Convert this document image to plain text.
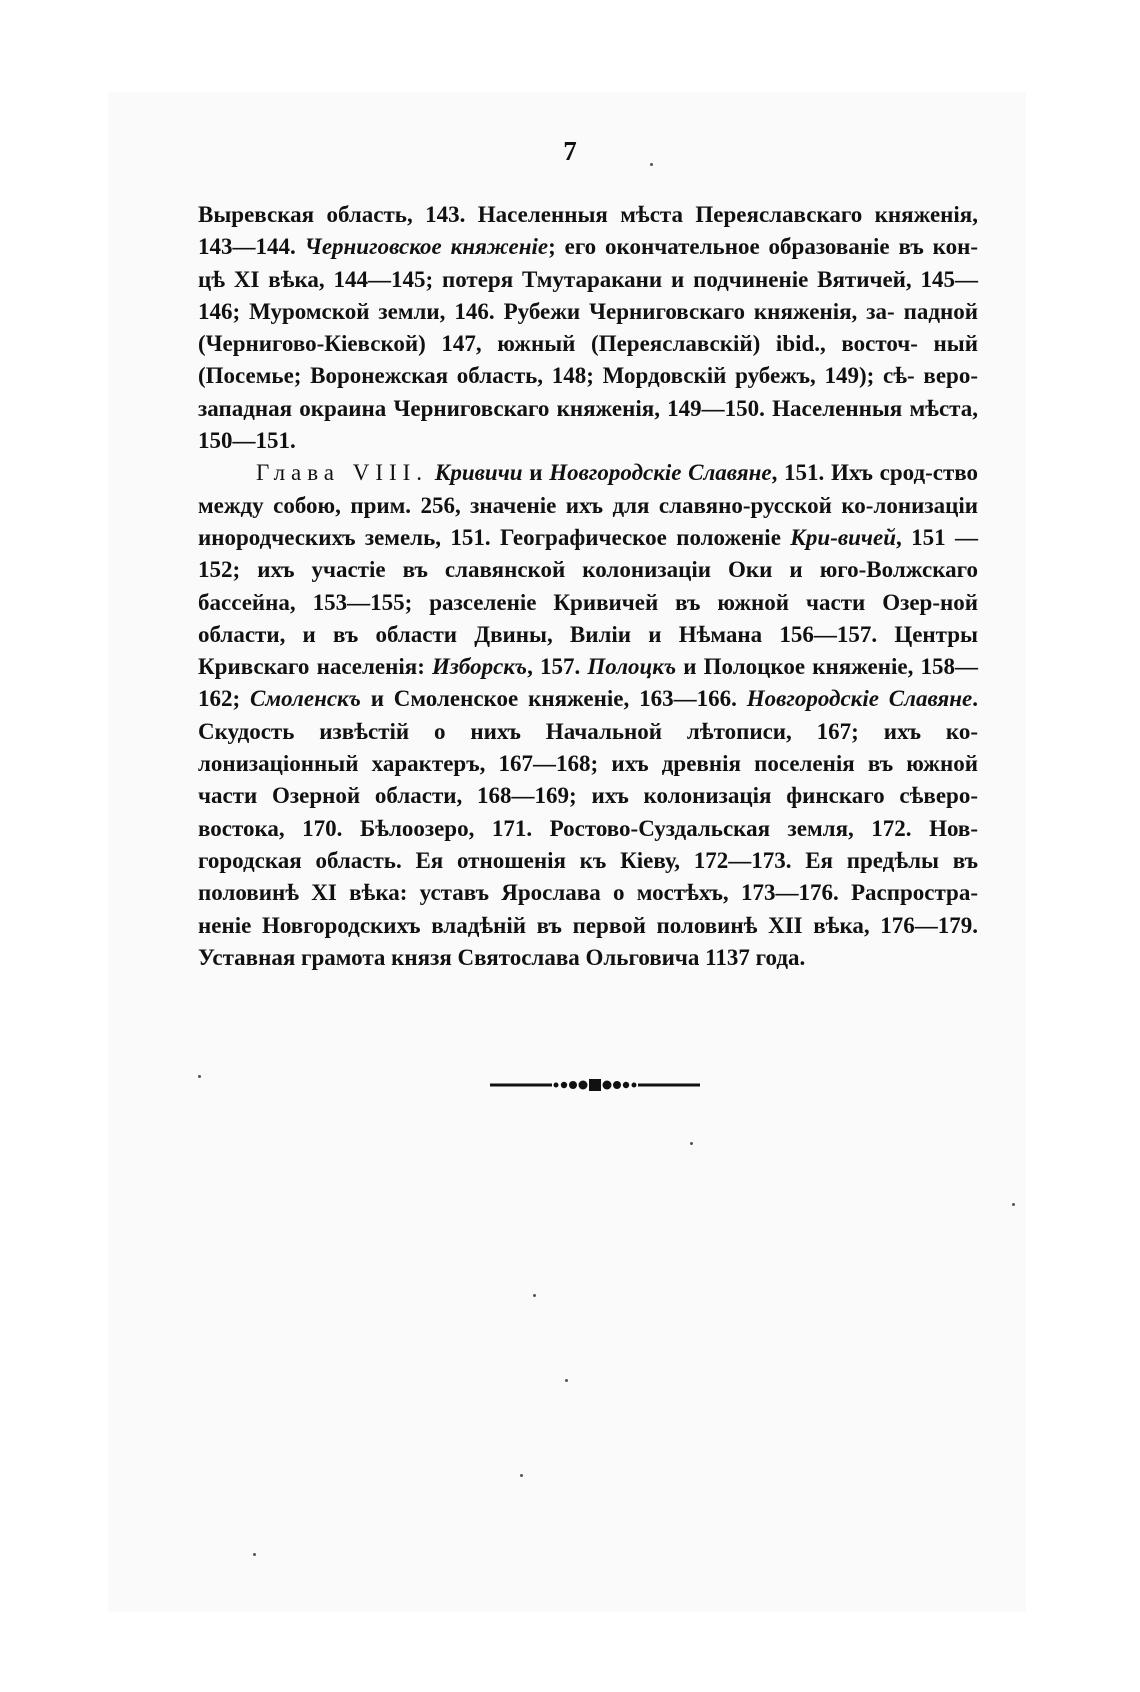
7

Выревская область, 143. Населенныя мѣста Переяславскаго княженія, 143—144. Черниговское княженіе; его окончательное образованіе въ кон- цѣ XI вѣка, 144—145; потеря Тмутаракани и подчиненіе Вятичей, 145—146; Муромской земли, 146. Рубежи Черниговскаго княженія, за- падной (Чернигово-Кіевской) 147, южный (Переяславскій) ibid., восточ- ный (Посемье; Воронежская область, 148; Мордовскій рубежъ, 149); сѣ- веро-западная окраина Черниговскаго княженія, 149—150. Населенныя мѣста, 150—151.

Глава VIII. Кривичи и Новгородскіе Славяне, 151. Ихъ срод-ство между собою, прим. 256, значеніе ихъ для славяно-русской ко-лонизаціи инородческихъ земель, 151. Географическое положеніе Кри-вичей, 151 — 152; ихъ участіе въ славянской колонизаціи Оки и юго-Волжскаго бассейна, 153—155; разселеніе Кривичей въ южной части Озер-ной области, и въ области Двины, Виліи и Нѣмана 156—157. Центры Кривскаго населенія: Изборскъ, 157. Полоцкъ и Полоцкое княженіе, 158—162; Смоленскъ и Смоленское княженіе, 163—166. Новгородскіе Славяне. Скудость извѣстій о нихъ Начальной лѣтописи, 167; ихъ ко-лонизаціонный характеръ, 167—168; ихъ древнія поселенія въ южной части Озерной области, 168—169; ихъ колонизація финскаго сѣверо-востока, 170. Бѣлоозеро, 171. Ростово-Суздальская земля, 172. Нов-городская область. Ея отношенія къ Кіеву, 172—173. Ея предѣлы въ половинѣ XI вѣка: уставъ Ярослава о мостѣхъ, 173—176. Распростра-неніе Новгородскихъ владѣній въ первой половинѣ XII вѣка, 176—179. Уставная грамота князя Святослава Ольговича 1137 года.
